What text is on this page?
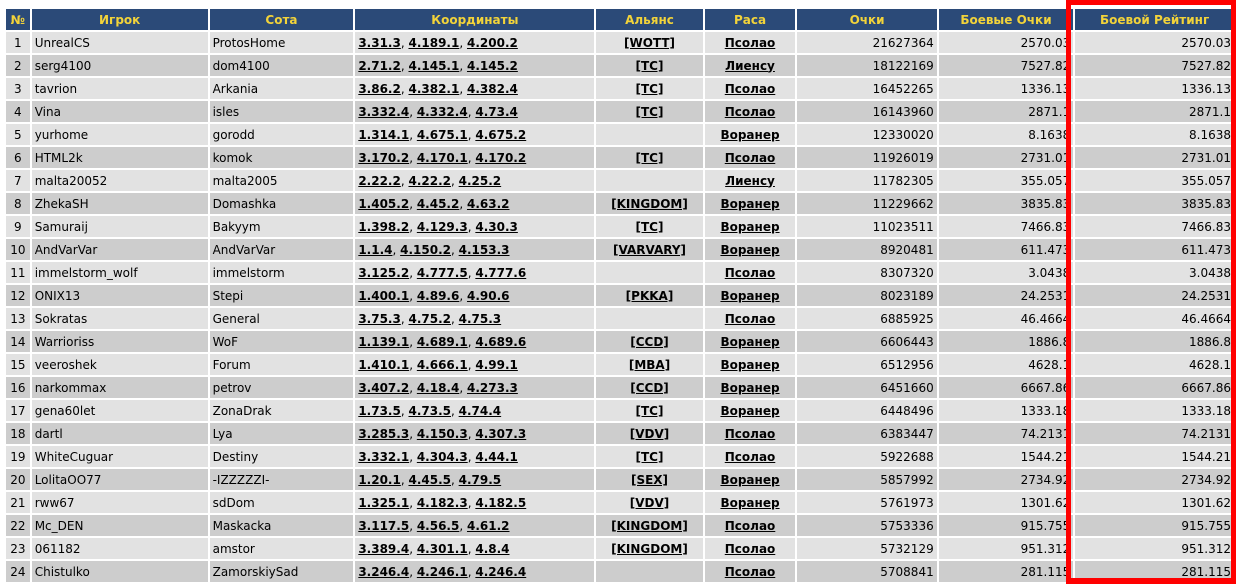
№	Игрок	Сота	Координаты	Альянс	Раса	Очки	Боевые Очки	Боевой Рейтинг
1	UnrealCS	ProtosHome	3.31.3, 4.189.1, 4.200.2	[WOTT]	Псолао	21627364	2570.03	2570.03
2	serg4100	dom4100	2.71.2, 4.145.1, 4.145.2	[TC]	Лиенсу	18122169	7527.82	7527.82
3	tavrion	Arkania	3.86.2, 4.382.1, 4.382.4	[TC]	Псолао	16452265	1336.13	1336.13
4	Vina	isles	3.332.4, 4.332.4, 4.73.4	[TC]	Псолао	16143960	2871.1	2871.1
5	yurhome	gorodd	1.314.1, 4.675.1, 4.675.2		Воранер	12330020	8.1638	8.1638
6	HTML2k	komok	3.170.2, 4.170.1, 4.170.2	[TC]	Псолао	11926019	2731.01	2731.01
7	malta20052	malta2005	2.22.2, 4.22.2, 4.25.2		Лиенсу	11782305	355.057	355.057
8	ZhekaSH	Domashka	1.405.2, 4.45.2, 4.63.2	[KINGDOM]	Воранер	11229662	3835.83	3835.83
9	Samuraij	Bakyym	1.398.2, 4.129.3, 4.30.3	[TC]	Воранер	11023511	7466.83	7466.83
10	AndVarVar	AndVarVar	1.1.4, 4.150.2, 4.153.3	[VARVARY]	Воранер	8920481	611.473	611.473
11	immelstorm_wolf	immelstorm	3.125.2, 4.777.5, 4.777.6		Псолао	8307320	3.0438	3.0438
12	ONIX13	Stepi	1.400.1, 4.89.6, 4.90.6	[PKKA]	Воранер	8023189	24.2531	24.2531
13	Sokratas	General	3.75.3, 4.75.2, 4.75.3		Псолао	6885925	46.4664	46.4664
14	Warrioriss	WoF	1.139.1, 4.689.1, 4.689.6	[CCD]	Воранер	6606443	1886.8	1886.8
15	veeroshek	Forum	1.410.1, 4.666.1, 4.99.1	[MBA]	Воранер	6512956	4628.1	4628.1
16	narkommax	petrov	3.407.2, 4.18.4, 4.273.3	[CCD]	Воранер	6451660	6667.86	6667.86
17	gena60let	ZonaDrak	1.73.5, 4.73.5, 4.74.4	[TC]	Воранер	6448496	1333.18	1333.18
18	dartl	Lya	3.285.3, 4.150.3, 4.307.3	[VDV]	Псолао	6383447	74.2131	74.2131
19	WhiteCuguar	Destiny	3.332.1, 4.304.3, 4.44.1	[TC]	Псолао	5922688	1544.21	1544.21
20	LolitaOO77	-IZZZZZI-	1.20.1, 4.45.5, 4.79.5	[SEX]	Воранер	5857992	2734.92	2734.92
21	rww67	sdDom	1.325.1, 4.182.3, 4.182.5	[VDV]	Воранер	5761973	1301.62	1301.62
22	Mc_DEN	Maskacka	3.117.5, 4.56.5, 4.61.2	[KINGDOM]	Псолао	5753336	915.755	915.755
23	061182	amstor	3.389.4, 4.301.1, 4.8.4	[KINGDOM]	Псолао	5732129	951.312	951.312
24	Chistulko	ZamorskiySad	3.246.4, 4.246.1, 4.246.4		Псолао	5708841	281.115	281.115
